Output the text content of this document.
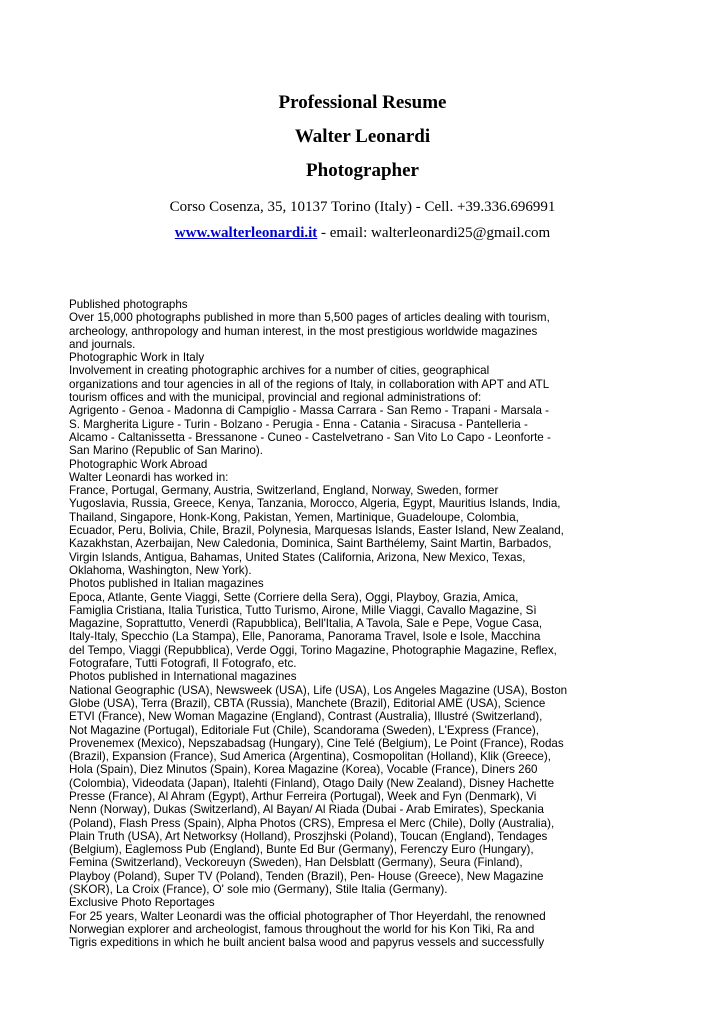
Professional Resume

Walter Leonardi

Photographer

Corso Cosenza, 35, 10137 Torino (Italy) - Cell. +39.336.696991

www.walterleonardi.it - email: walterleonardi25@gmail.com

Published photographs

Over 15,000 photographs published in more than 5,500 pages of articles dealing with tourism,

archeology, anthropology and human interest, in the most prestigious worldwide magazines

and journals.

Photographic Work in Italy

Involvement in creating photographic archives for a number of cities, geographical

organizations and tour agencies in all of the regions of Italy, in collaboration with APT and ATL

tourism offices and with the municipal, provincial and regional administrations of:

Agrigento - Genoa - Madonna di Campiglio - Massa Carrara - San Remo - Trapani - Marsala -

S. Margherita Ligure - Turin - Bolzano - Perugia - Enna - Catania - Siracusa - Pantelleria -

Alcamo - Caltanissetta - Bressanone - Cuneo - Castelvetrano - San Vito Lo Capo - Leonforte -

San Marino (Republic of San Marino).

Photographic Work Abroad

Walter Leonardi has worked in:

France, Portugal, Germany, Austria, Switzerland, England, Norway, Sweden, former

Yugoslavia, Russia, Greece, Kenya, Tanzania, Morocco, Algeria, Egypt, Mauritius Islands, India,

Thailand, Singapore, Honk-Kong, Pakistan, Yemen, Martinique, Guadeloupe, Colombia,

Ecuador, Peru, Bolivia, Chile, Brazil, Polynesia, Marquesas Islands, Easter Island, New Zealand,

Kazakhstan, Azerbaijan, New Caledonia, Dominica, Saint Barthélemy, Saint Martin, Barbados,

Virgin Islands, Antigua, Bahamas, United States (California, Arizona, New Mexico, Texas,

Oklahoma, Washington, New York).

Photos published in Italian magazines

Epoca, Atlante, Gente Viaggi, Sette (Corriere della Sera), Oggi, Playboy, Grazia, Amica,

Famiglia Cristiana, Italia Turistica, Tutto Turismo, Airone, Mille Viaggi, Cavallo Magazine, Sì

Magazine, Soprattutto, Venerdì (Rapubblica), Bell'Italia, A Tavola, Sale e Pepe, Vogue Casa,

Italy-Italy, Specchio (La Stampa), Elle, Panorama, Panorama Travel, Isole e Isole, Macchina

del Tempo, Viaggi (Repubblica), Verde Oggi, Torino Magazine, Photographie Magazine, Reflex,

Fotografare, Tutti Fotografi, Il Fotografo, etc.

Photos published in International magazines

National Geographic (USA), Newsweek (USA), Life (USA), Los Angeles Magazine (USA), Boston

Globe (USA), Terra (Brazil), CBTA (Russia), Manchete (Brazil), Editorial AME (USA), Science

ETVI (France), New Woman Magazine (England), Contrast (Australia), Illustré (Switzerland),

Not Magazine (Portugal), Editoriale Fut (Chile), Scandorama (Sweden), L'Express (France),

Provenemex (Mexico), Nepszabadsag (Hungary), Cine Telé (Belgium), Le Point (France), Rodas

(Brazil), Expansion (France), Sud America (Argentina), Cosmopolitan (Holland), Klik (Greece),

Hola (Spain), Diez Minutos (Spain), Korea Magazine (Korea), Vocable (France), Diners 260

(Colombia), Videodata (Japan), Italehti (Finland), Otago Daily (New Zealand), Disney Hachette

Presse (France), Al Ahram (Egypt), Arthur Ferreira (Portugal), Week and Fyn (Denmark), Vi

Nenn (Norway), Dukas (Switzerland), Al Bayan/ Al Riada (Dubai - Arab Emirates), Speckania

(Poland), Flash Press (Spain), Alpha Photos (CRS), Empresa el Merc (Chile), Dolly (Australia),

Plain Truth (USA), Art Networksy (Holland), Proszjhski (Poland), Toucan (England), Tendages

(Belgium), Eaglemoss Pub (England), Bunte Ed Bur (Germany), Ferenczy Euro (Hungary),

Femina (Switzerland), Veckoreuyn (Sweden), Han Delsblatt (Germany), Seura (Finland),

Playboy (Poland), Super TV (Poland), Tenden (Brazil), Pen- House (Greece), New Magazine

(SKOR), La Croix (France), O' sole mio (Germany), Stile Italia (Germany).

Exclusive Photo Reportages

For 25 years, Walter Leonardi was the official photographer of Thor Heyerdahl, the renowned

Norwegian explorer and archeologist, famous throughout the world for his Kon Tiki, Ra and

Tigris expeditions in which he built ancient balsa wood and papyrus vessels and successfully
